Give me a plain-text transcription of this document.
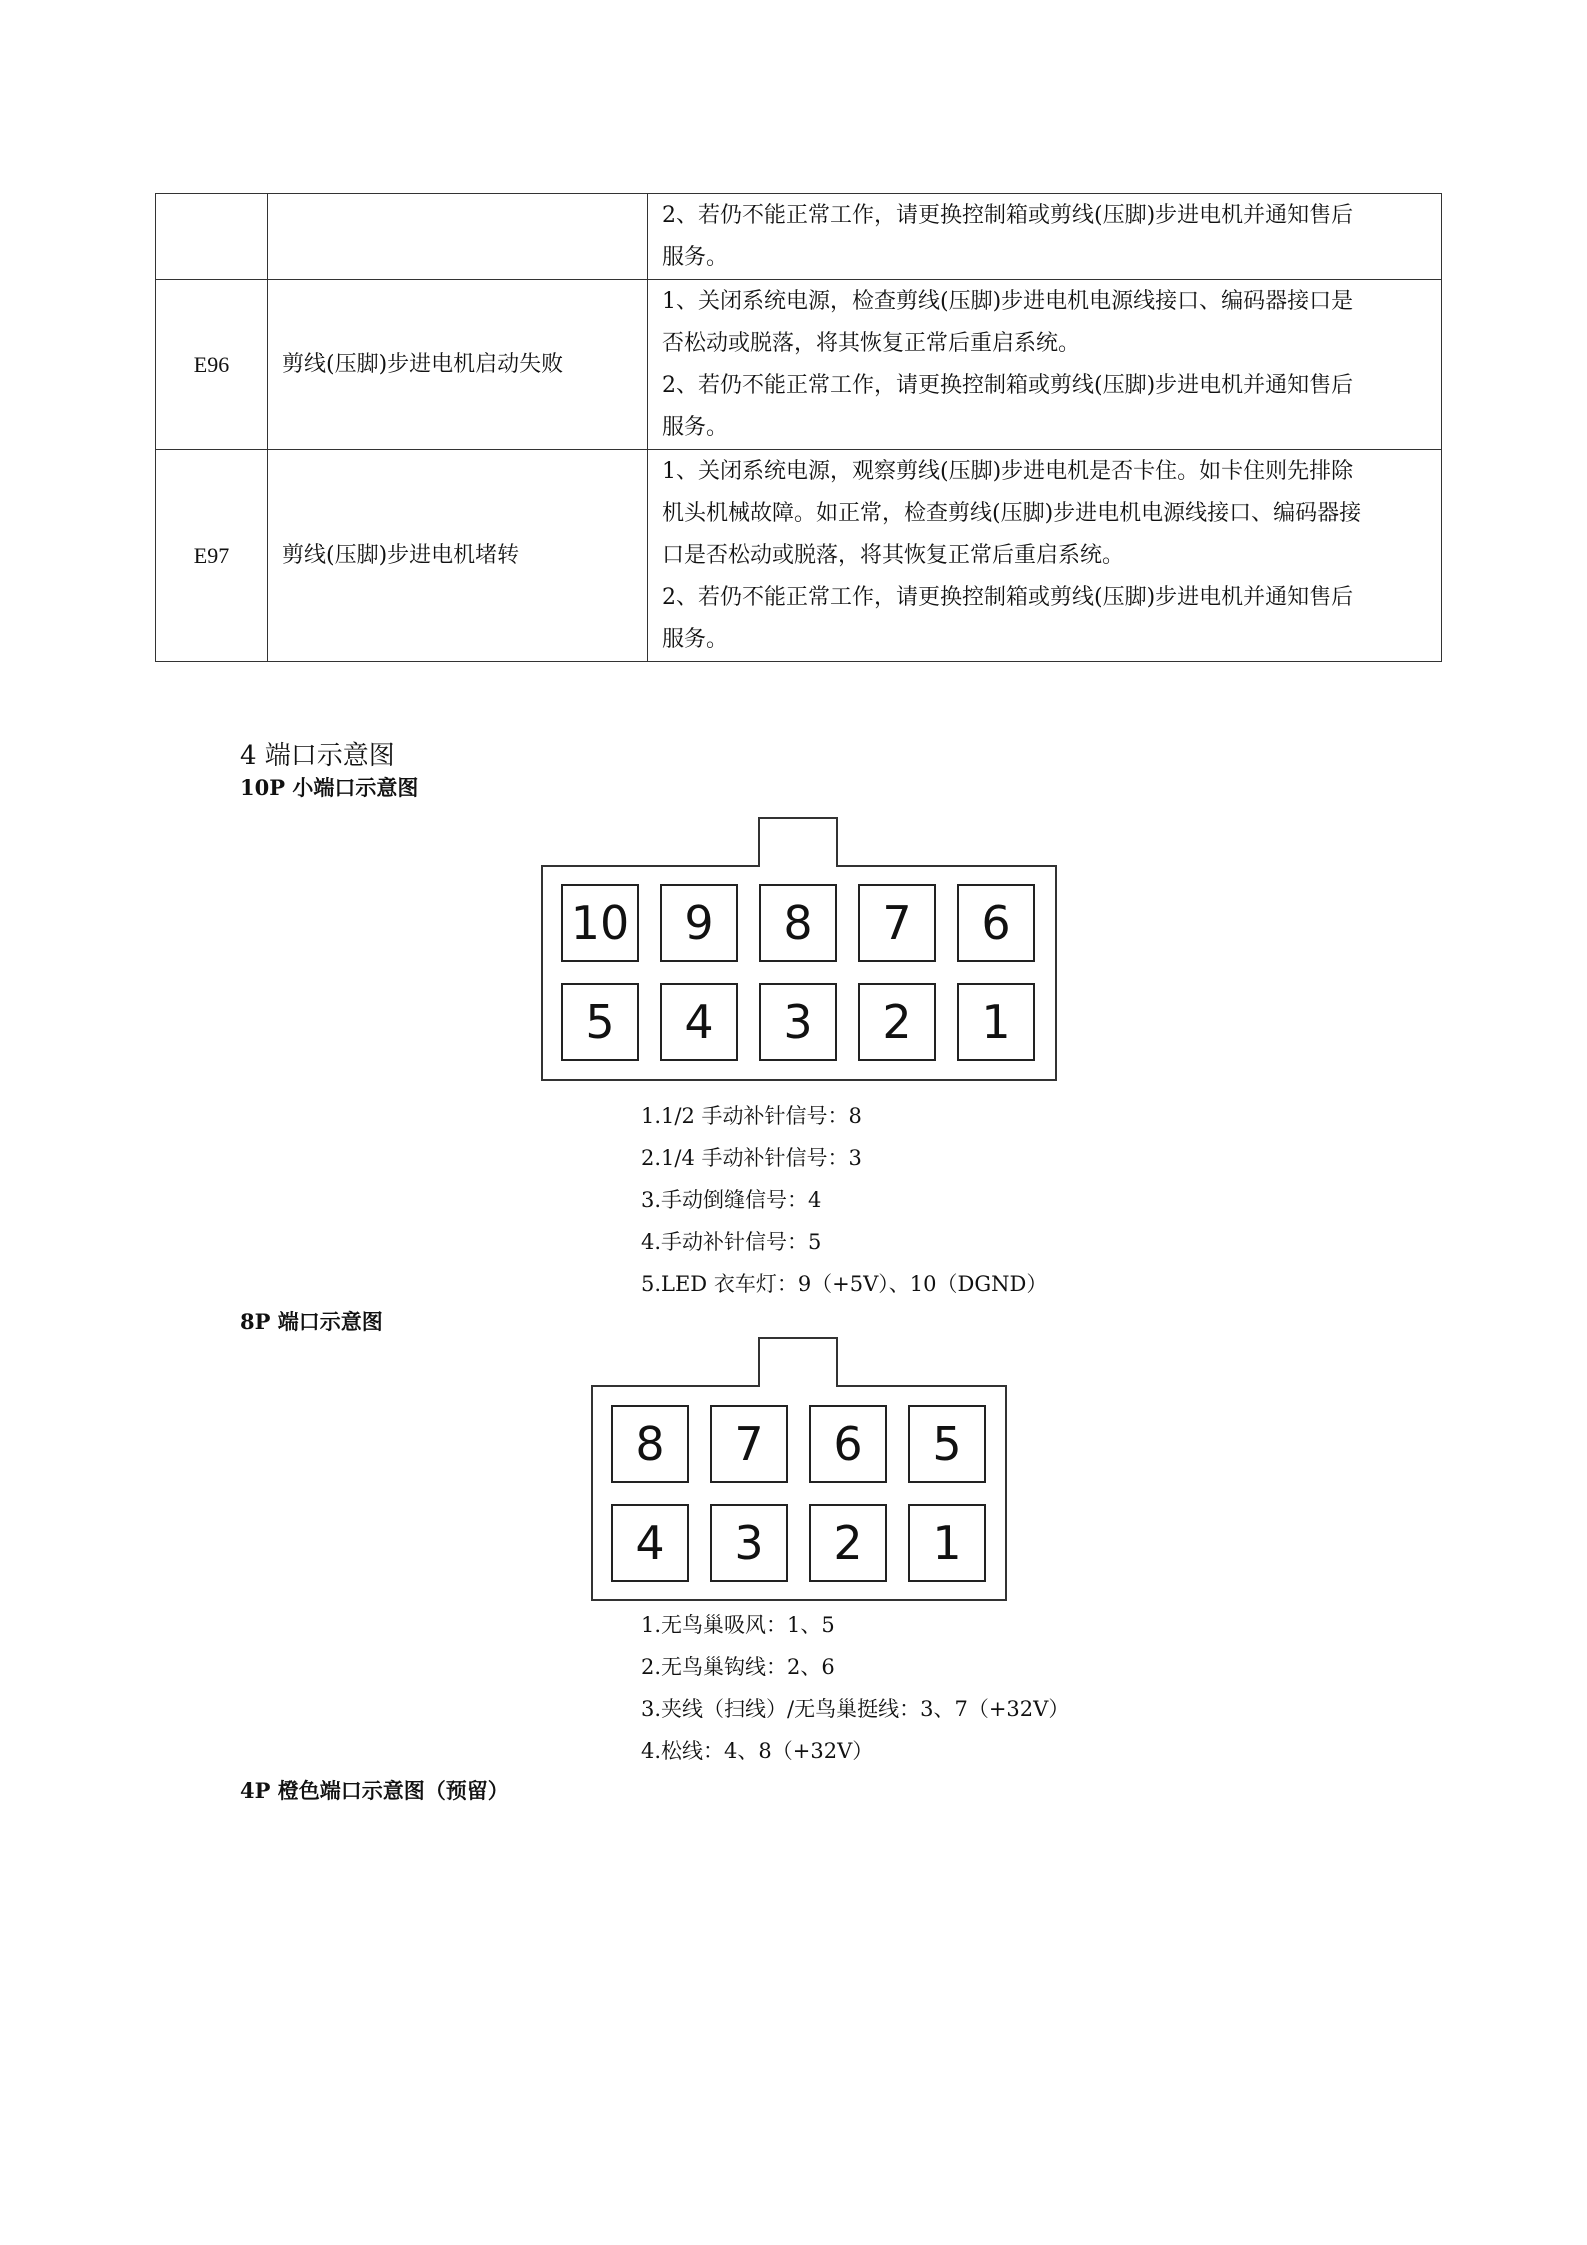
		2、若仍不能正常工作，请更换控制箱或剪线(压脚)步进电机并通知售后
服务。

E96	剪线(压脚)步进电机启动失败	1、关闭系统电源，检查剪线(压脚)步进电机电源线接口、编码器接口是
否松动或脱落，将其恢复正常后重启系统。
2、若仍不能正常工作，请更换控制箱或剪线(压脚)步进电机并通知售后
服务。

E97	剪线(压脚)步进电机堵转	1、关闭系统电源，观察剪线(压脚)步进电机是否卡住。如卡住则先排除
机头机械故障。如正常，检查剪线(压脚)步进电机电源线接口、编码器接
口是否松动或脱落，将其恢复正常后重启系统。
2、若仍不能正常工作，请更换控制箱或剪线(压脚)步进电机并通知售后
服务。
4 端口示意图
10P 小端口示意图
10	9	8	7	6
5	4	3	2	1
1.1/2 手动补针信号：8
2.1/4 手动补针信号：3
3.手动倒缝信号：4
4.手动补针信号：5
5.LED 衣车灯：9（+5V）、10（DGND）
8P 端口示意图
8	7	6	5
4	3	2	1
1.无鸟巢吸风：1、5
2.无鸟巢钩线：2、6
3.夹线（扫线）/无鸟巢挺线：3、7（+32V）
4.松线：4、8（+32V）
4P 橙色端口示意图（预留）
